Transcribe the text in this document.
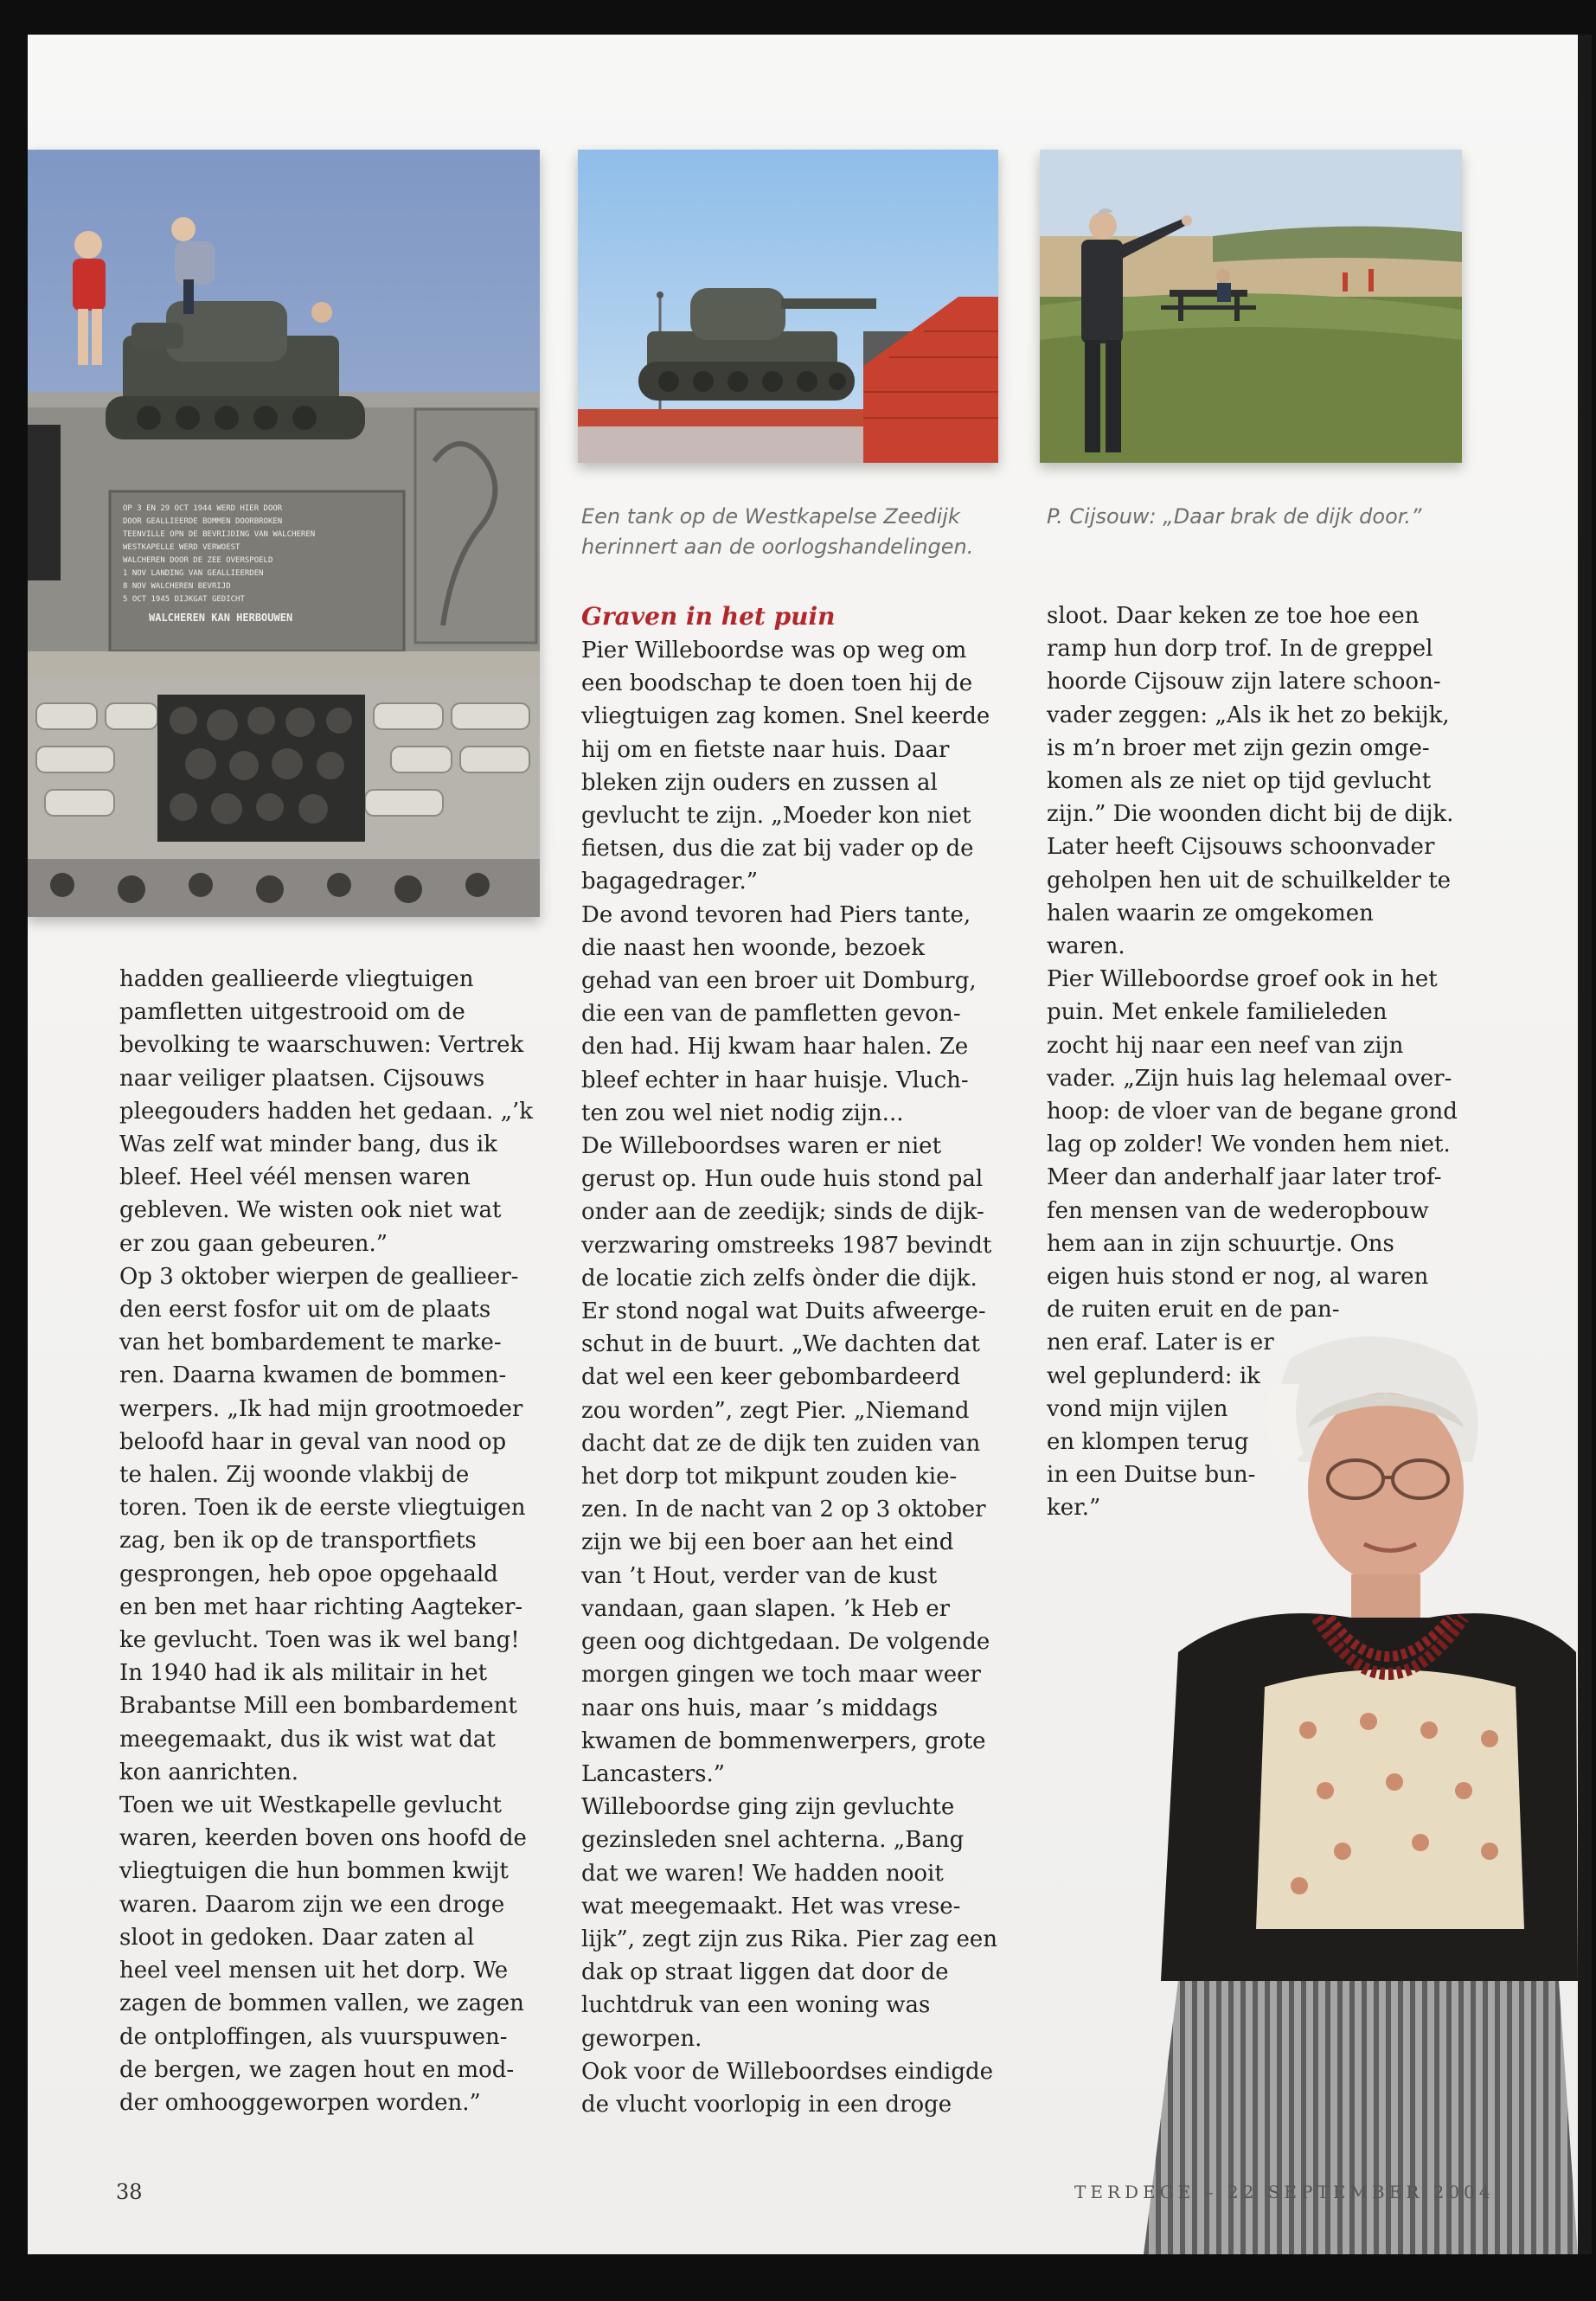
OP 3 EN 29 OCT 1944 WERD HIER DOOR
DOOR GEALLIEERDE BOMMEN DOORBROKEN
TEENVILLE OPN DE BEVRIJDING VAN WALCHEREN
WESTKAPELLE WERD VERWOEST
WALCHEREN DOOR DE ZEE OVERSPOELD
1 NOV LANDING VAN GEALLIEERDEN
8 NOV WALCHEREN BEVRIJD
5 OCT 1945 DIJKGAT GEDICHT
WALCHEREN KAN HERBOUWEN

Een tank op de Westkapelse Zeedijk
herinnert aan de oorlogshandelingen.

P. Cijsouw: „Daar brak de dijk door.”

hadden geallieerde vliegtuigen

pamfletten uitgestrooid om de

bevolking te waarschuwen: Vertrek

naar veiliger plaatsen. Cijsouws

pleegouders hadden het gedaan. „’k

Was zelf wat minder bang, dus ik

bleef. Heel véél mensen waren

gebleven. We wisten ook niet wat

er zou gaan gebeuren.”

Op 3 oktober wierpen de geallieer-

den eerst fosfor uit om de plaats

van het bombardement te marke-

ren. Daarna kwamen de bommen-

werpers. „Ik had mijn grootmoeder

beloofd haar in geval van nood op

te halen. Zij woonde vlakbij de

toren. Toen ik de eerste vliegtuigen

zag, ben ik op de transportfiets

gesprongen, heb opoe opgehaald

en ben met haar richting Aagteker-

ke gevlucht. Toen was ik wel bang!

In 1940 had ik als militair in het

Brabantse Mill een bombardement

meegemaakt, dus ik wist wat dat

kon aanrichten.

Toen we uit Westkapelle gevlucht

waren, keerden boven ons hoofd de

vliegtuigen die hun bommen kwijt

waren. Daarom zijn we een droge

sloot in gedoken. Daar zaten al

heel veel mensen uit het dorp. We

zagen de bommen vallen, we zagen

de ontploffingen, als vuurspuwen-

de bergen, we zagen hout en mod-

der omhooggeworpen worden.”

Graven in het puin

Pier Willeboordse was op weg om

een boodschap te doen toen hij de

vliegtuigen zag komen. Snel keerde

hij om en fietste naar huis. Daar

bleken zijn ouders en zussen al

gevlucht te zijn. „Moeder kon niet

fietsen, dus die zat bij vader op de

bagagedrager.”

De avond tevoren had Piers tante,

die naast hen woonde, bezoek

gehad van een broer uit Domburg,

die een van de pamfletten gevon-

den had. Hij kwam haar halen. Ze

bleef echter in haar huisje. Vluch-

ten zou wel niet nodig zijn...

De Willeboordses waren er niet

gerust op. Hun oude huis stond pal

onder aan de zeedijk; sinds de dijk-

verzwaring omstreeks 1987 bevindt

de locatie zich zelfs ònder die dijk.

Er stond nogal wat Duits afweerge-

schut in de buurt. „We dachten dat

dat wel een keer gebombardeerd

zou worden”, zegt Pier. „Niemand

dacht dat ze de dijk ten zuiden van

het dorp tot mikpunt zouden kie-

zen. In de nacht van 2 op 3 oktober

zijn we bij een boer aan het eind

van ’t Hout, verder van de kust

vandaan, gaan slapen. ’k Heb er

geen oog dichtgedaan. De volgende

morgen gingen we toch maar weer

naar ons huis, maar ’s middags

kwamen de bommenwerpers, grote

Lancasters.”

Willeboordse ging zijn gevluchte

gezinsleden snel achterna. „Bang

dat we waren! We hadden nooit

wat meegemaakt. Het was vrese-

lijk”, zegt zijn zus Rika. Pier zag een

dak op straat liggen dat door de

luchtdruk van een woning was

geworpen.

Ook voor de Willeboordses eindigde

de vlucht voorlopig in een droge

sloot. Daar keken ze toe hoe een

ramp hun dorp trof. In de greppel

hoorde Cijsouw zijn latere schoon-

vader zeggen: „Als ik het zo bekijk,

is m’n broer met zijn gezin omge-

komen als ze niet op tijd gevlucht

zijn.” Die woonden dicht bij de dijk.

Later heeft Cijsouws schoonvader

geholpen hen uit de schuilkelder te

halen waarin ze omgekomen

waren.

Pier Willeboordse groef ook in het

puin. Met enkele familieleden

zocht hij naar een neef van zijn

vader. „Zijn huis lag helemaal over-

hoop: de vloer van de begane grond

lag op zolder! We vonden hem niet.

Meer dan anderhalf jaar later trof-

fen mensen van de wederopbouw

hem aan in zijn schuurtje. Ons

eigen huis stond er nog, al waren

de ruiten eruit en de pan-

nen eraf. Later is er

wel geplunderd: ik

vond mijn vijlen

en klompen terug

in een Duitse bun-

ker.”

38	TERDEGE – 22 SEPTEMBER 2004
